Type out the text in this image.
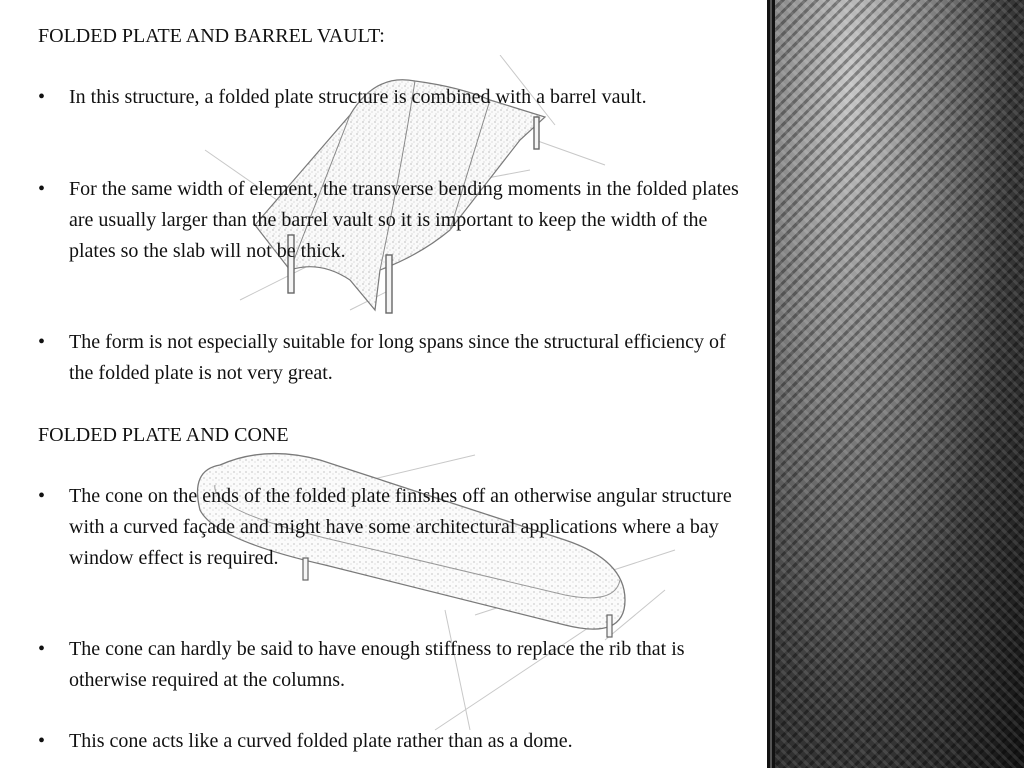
FOLDED PLATE AND BARREL VAULT:
•	In this structure, a folded plate structure is combined with a barrel vault.
•	For the same width of element, the transverse bending moments in the folded plates are usually larger than the barrel vault so it is important to keep the width of the plates so the slab will not be thick.
•	The form is not especially suitable for long spans since the structural efficiency of the folded plate is not very great.
FOLDED PLATE AND CONE
•	The cone on the ends of the folded plate finishes off an otherwise angular structure with a curved façade and might have some architectural applications where a bay window effect is required.
•	The cone can hardly be said to have enough stiffness to replace the rib that is otherwise required at the columns.
•	This cone acts like a curved folded plate rather than as a dome.
